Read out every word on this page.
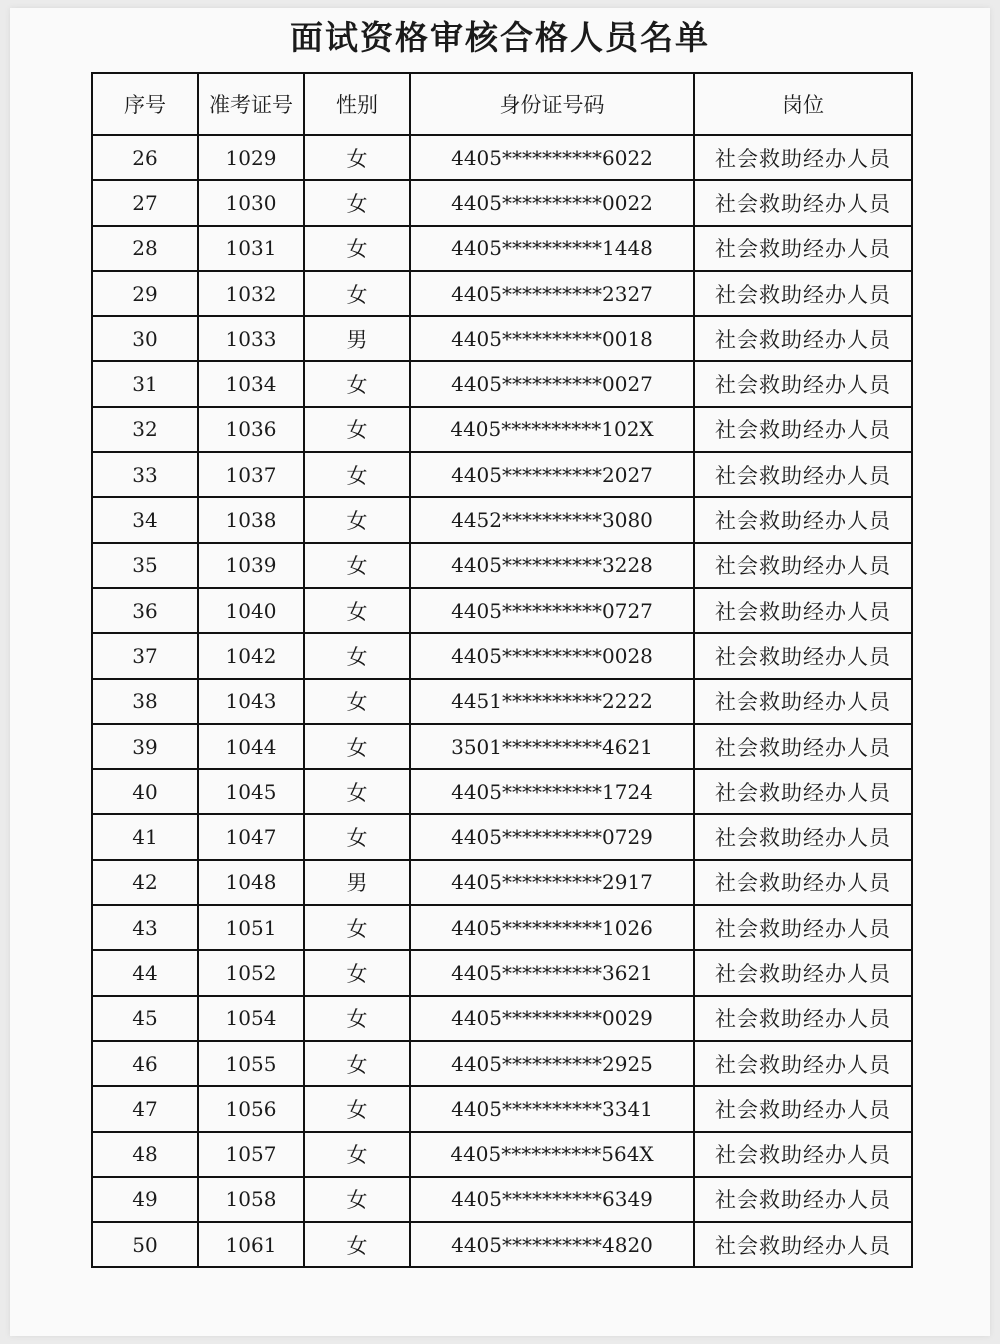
面试资格审核合格人员名单
序号	准考证号	性别	身份证号码	岗位
26	1029	女	4405**********6022	社会救助经办人员
27	1030	女	4405**********0022	社会救助经办人员
28	1031	女	4405**********1448	社会救助经办人员
29	1032	女	4405**********2327	社会救助经办人员
30	1033	男	4405**********0018	社会救助经办人员
31	1034	女	4405**********0027	社会救助经办人员
32	1036	女	4405**********102X	社会救助经办人员
33	1037	女	4405**********2027	社会救助经办人员
34	1038	女	4452**********3080	社会救助经办人员
35	1039	女	4405**********3228	社会救助经办人员
36	1040	女	4405**********0727	社会救助经办人员
37	1042	女	4405**********0028	社会救助经办人员
38	1043	女	4451**********2222	社会救助经办人员
39	1044	女	3501**********4621	社会救助经办人员
40	1045	女	4405**********1724	社会救助经办人员
41	1047	女	4405**********0729	社会救助经办人员
42	1048	男	4405**********2917	社会救助经办人员
43	1051	女	4405**********1026	社会救助经办人员
44	1052	女	4405**********3621	社会救助经办人员
45	1054	女	4405**********0029	社会救助经办人员
46	1055	女	4405**********2925	社会救助经办人员
47	1056	女	4405**********3341	社会救助经办人员
48	1057	女	4405**********564X	社会救助经办人员
49	1058	女	4405**********6349	社会救助经办人员
50	1061	女	4405**********4820	社会救助经办人员
